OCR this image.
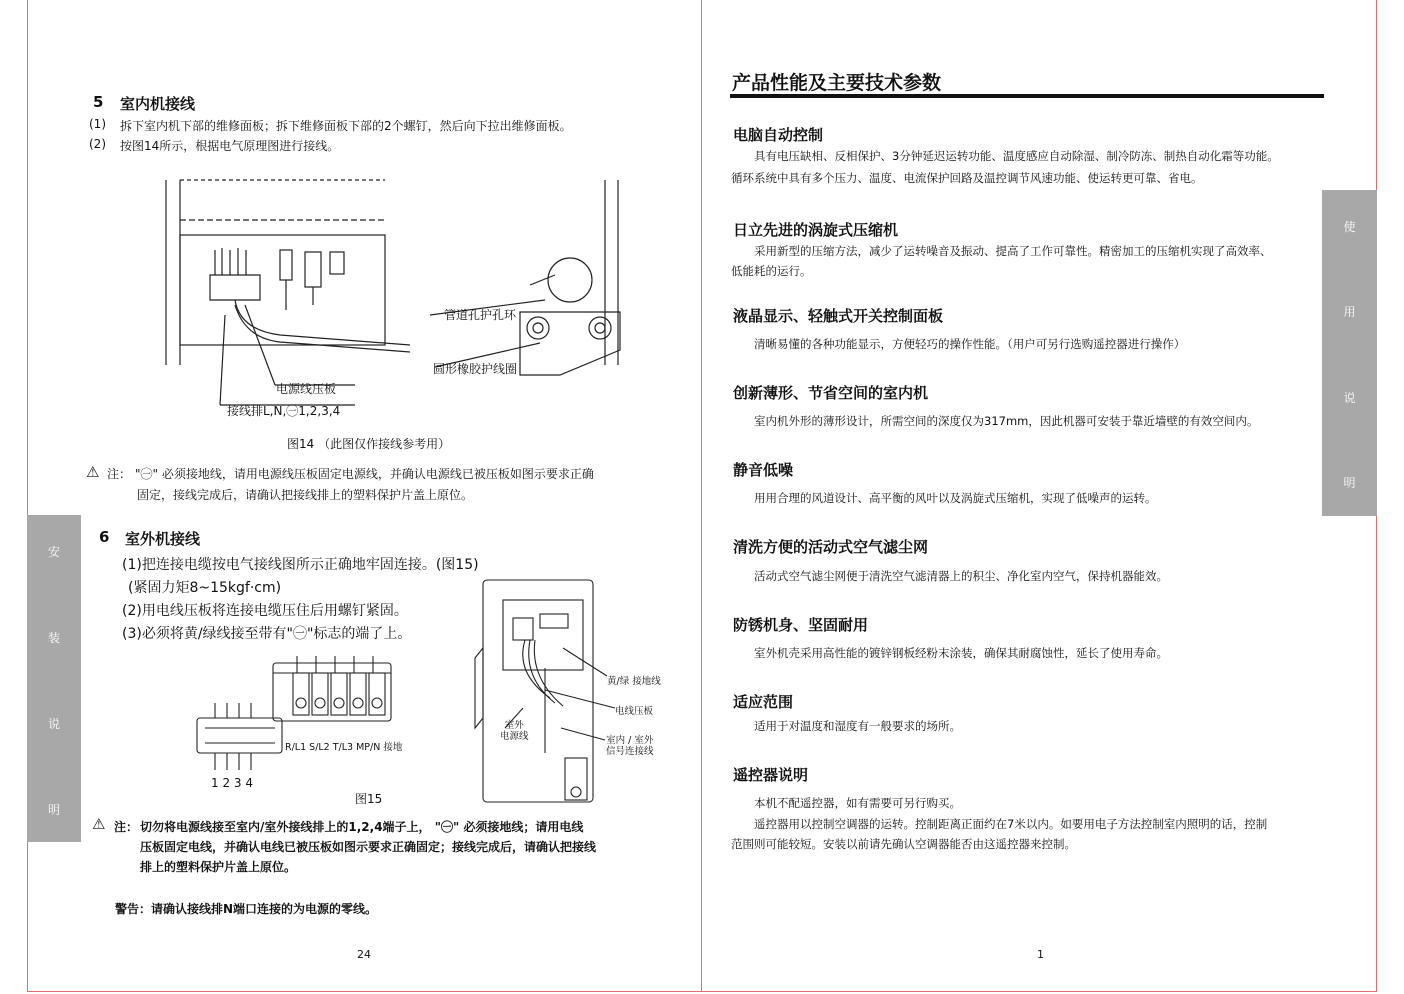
安
装
说
明
5 室内机接线
(1) 拆下室内机下部的维修面板；拆下维修面板下部的2个螺钉，然后向下拉出维修面板。
(2) 按图14所示，根据电气原理图进行接线。
管道孔护孔环
圆形橡胶护线圈
电源线压板
接线排L,N,㊀1,2,3,4
图14 （此图仅作接线参考用）
⚠ 注： "㊀" 必须接地线，请用电源线压板固定电源线，并确认电源线已被压板如图示要求正确
固定，接线完成后，请确认把接线排上的塑料保护片盖上原位。
6 室外机接线
(1)把连接电缆按电气接线图所示正确地牢固连接。(图15)
(紧固力矩8~15kgf·cm)
(2)用电线压板将连接电缆压住后用螺钉紧固。
(3)必须将黄/绿线接至带有"㊀"标志的端了上。
R/L1 S/L2 T/L3 MP/N 接地
1 2 3 4
黄/绿 接地线
电线压板
室外
电源线	室内 / 室外
信号连接线
图15
⚠ 注： 切勿将电源线接至室内/室外接线排上的1,2,4端子上， "㊀" 必须接地线；请用电线
压板固定电线，并确认电线已被压板如图示要求正确固定；接线完成后，请确认把接线
排上的塑料保护片盖上原位。
警告：请确认接线排N端口连接的为电源的零线。
24
产品性能及主要技术参数
使
用
说
明
电脑自动控制
　　具有电压缺相、反相保护、3分钟延迟运转功能、温度感应自动除湿、制冷防冻、制热自动化霜等功能。
循环系统中具有多个压力、温度、电流保护回路及温控调节风速功能、使运转更可靠、省电。
日立先进的涡旋式压缩机
　　采用新型的压缩方法，减少了运转噪音及振动、提高了工作可靠性。精密加工的压缩机实现了高效率、
低能耗的运行。
液晶显示、轻触式开关控制面板
　　清晰易懂的各种功能显示，方便轻巧的操作性能。（用户可另行选购遥控器进行操作）
创新薄形、节省空间的室内机
　　室内机外形的薄形设计，所需空间的深度仅为317mm，因此机器可安装于靠近墙壁的有效空间内。
静音低噪
　　用用合理的风道设计、高平衡的风叶以及涡旋式压缩机，实现了低噪声的运转。
清洗方便的活动式空气滤尘网
　　活动式空气滤尘网便于清洗空气滤清器上的积尘、净化室内空气，保持机器能效。
防锈机身、坚固耐用
　　室外机壳采用高性能的镀锌钢板经粉末涂装，确保其耐腐蚀性，延长了使用寿命。
适应范围
　　适用于对温度和湿度有一般要求的场所。
遥控器说明
　　本机不配遥控器，如有需要可另行购买。
　　遥控器用以控制空调器的运转。控制距离正面约在7米以内。如要用电子方法控制室内照明的话，控制
范围则可能较短。安装以前请先确认空调器能否由这遥控器来控制。
1
